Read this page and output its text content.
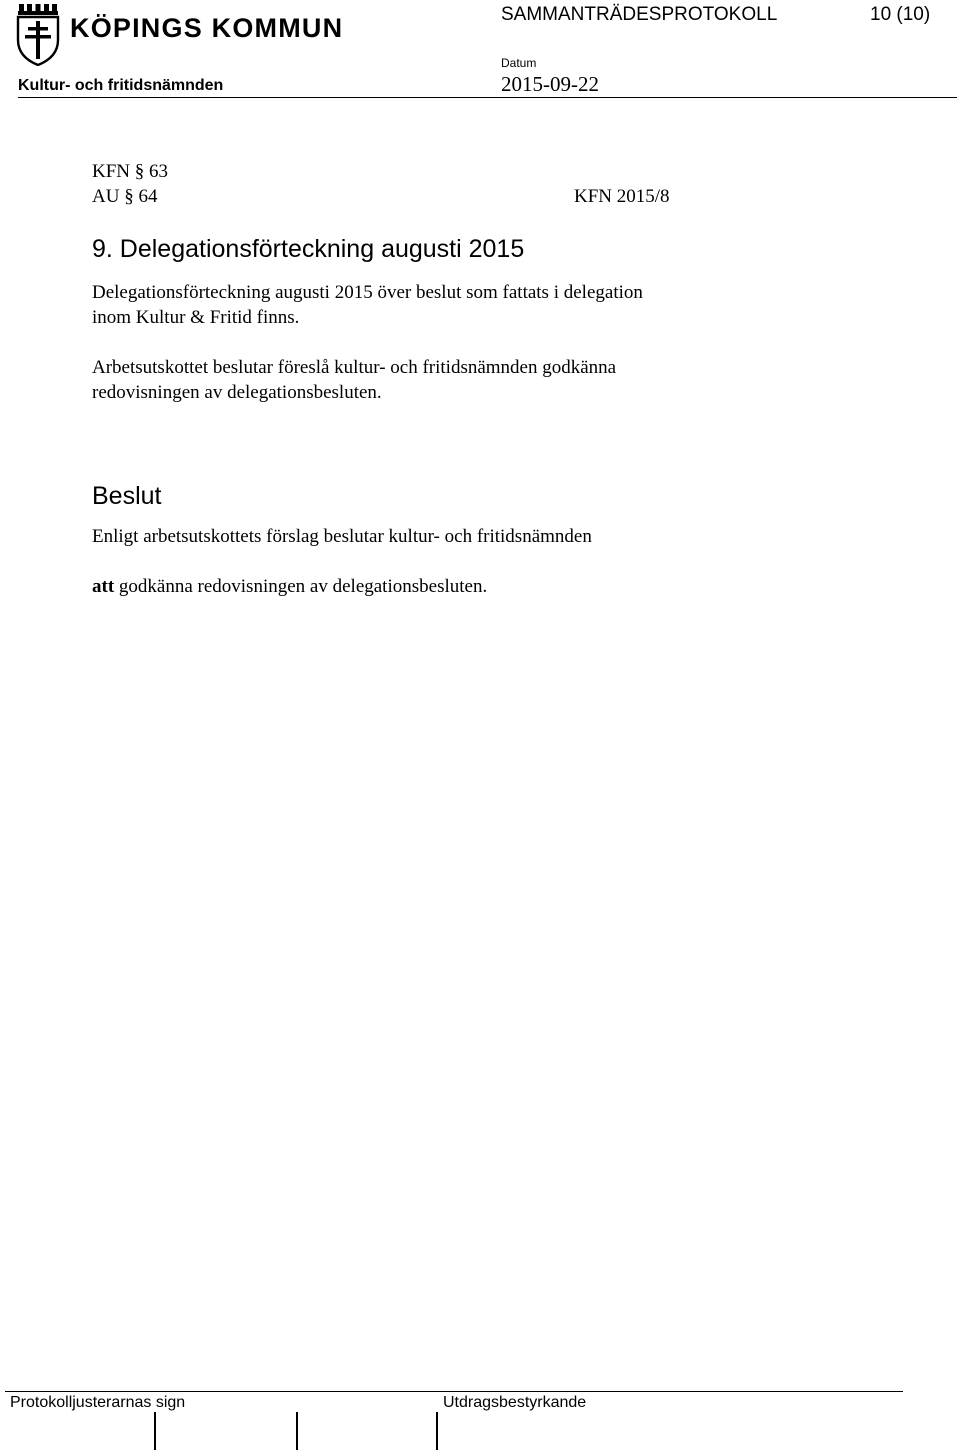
KÖPINGS KOMMUN	SAMMANTRÄDESPROTOKOLL	10 (10)
Kultur- och fritidsnämnden
Datum
2015-09-22
KFN § 63
AU § 64	KFN 2015/8
9. Delegationsförteckning augusti 2015
Delegationsförteckning augusti 2015 över beslut som fattats i delegation
inom Kultur & Fritid finns.
Arbetsutskottet beslutar föreslå kultur- och fritidsnämnden godkänna
redovisningen av delegationsbesluten.
Beslut
Enligt arbetsutskottets förslag beslutar kultur- och fritidsnämnden
att godkänna redovisningen av delegationsbesluten.
Protokolljusterarnas sign	Utdragsbestyrkande
